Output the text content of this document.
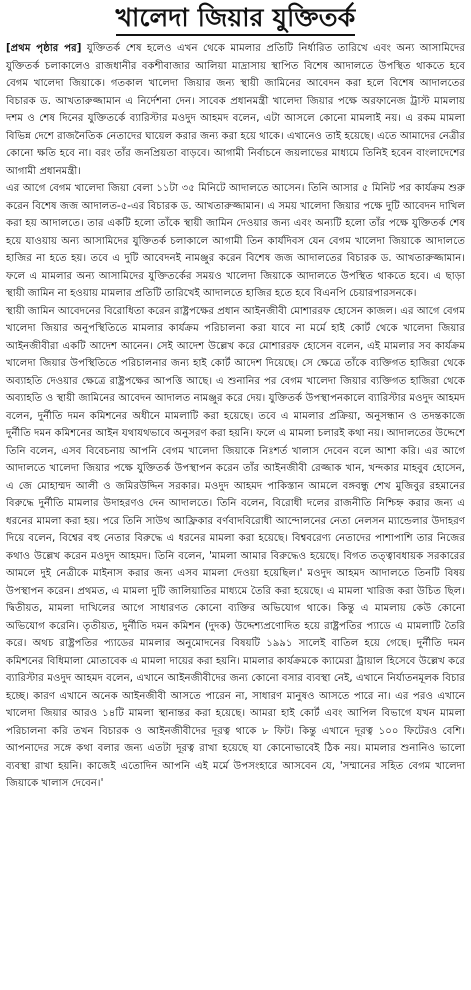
খালেদা জিয়ার যুক্তিতর্ক

[প্রথম পৃষ্ঠার পর] যুক্তিতর্ক শেষ হলেও এখন থেকে মামলার প্রতিটি নির্ধারিত তারিখে এবং অন্য আসামিদের যুক্তিতর্ক চলাকালেও রাজধানীর বকশীবাজার আলিয়া মাদ্রাসায় স্থাপিত বিশেষ আদালতে উপস্থিত থাকতে হবে বেগম খালেদা জিয়াকে। গতকাল খালেদা জিয়ার জন্য স্থায়ী জামিনের আবেদন করা হলে বিশেষ আদালতের বিচারক ড. আখতারুজ্জামান এ নির্দেশনা দেন। সাবেক প্রধানমন্ত্রী খালেদা জিয়ার পক্ষে অরফানেজ ট্রাস্ট মামলায় দশম ও শেষ দিনের যুক্তিতর্কে ব্যারিস্টার মওদুদ আহমদ বলেন, এটা আসলে কোনো মামলাই নয়। এ রকম মামলা বিভিন্ন দেশে রাজনৈতিক নেতাদের ঘায়েল করার জন্য করা হয়ে থাকে। এখানেও তাই হয়েছে। এতে আমাদের নেত্রীর কোনো ক্ষতি হবে না। বরং তাঁর জনপ্রিয়তা বাড়বে। আগামী নির্বাচনে জয়লাভের মাধ্যমে তিনিই হবেন বাংলাদেশের আগামী প্রধানমন্ত্রী।

এর আগে বেগম খালেদা জিয়া বেলা ১১টা ৩৫ মিনিটে আদালতে আসেন। তিনি আসার ৫ মিনিট পর কার্যক্রম শুরু করেন বিশেষ জজ আদালত-৫-এর বিচারক ড. আখতারুজ্জামান। এ সময় খালেদা জিয়ার পক্ষে দুটি আবেদন দাখিল করা হয় আদালতে। তার একটি হলো তাঁকে স্থায়ী জামিন দেওয়ার জন্য এবং অন্যটি হলো তাঁর পক্ষে যুক্তিতর্ক শেষ হয়ে যাওয়ায় অন্য আসামিদের যুক্তিতর্ক চলাকালে আগামী তিন কার্যদিবস যেন বেগম খালেদা জিয়াকে আদালতে হাজির না হতে হয়। তবে এ দুটি আবেদনই নামঞ্জুর করেন বিশেষ জজ আদালতের বিচারক ড. আখতারুজ্জামান। ফলে এ মামলার অন্য আসামিদের যুক্তিতর্কের সময়ও খালেদা জিয়াকে আদালতে উপস্থিত থাকতে হবে। এ ছাড়া স্থায়ী জামিন না হওয়ায় মামলার প্রতিটি তারিখেই আদালতে হাজির হতে হবে বিএনপি চেয়ারপারসনকে।

স্থায়ী জামিন আবেদনের বিরোধিতা করেন রাষ্ট্রপক্ষের প্রধান আইনজীবী মোশাররফ হোসেন কাজল। এর আগে বেগম খালেদা জিয়ার অনুপস্থিতিতে মামলার কার্যক্রম পরিচালনা করা যাবে না মর্মে হাই কোর্ট থেকে খালেদা জিয়ার আইনজীবীরা একটি আদেশ আনেন। সেই আদেশ উল্লেখ করে মোশাররফ হোসেন বলেন, এই মামলার সব কার্যক্রম খালেদা জিয়ার উপস্থিতিতে পরিচালনার জন্য হাই কোর্ট আদেশ দিয়েছে। সে ক্ষেত্রে তাঁকে ব্যক্তিগত হাজিরা থেকে অব্যাহতি দেওয়ার ক্ষেত্রে রাষ্ট্রপক্ষের আপত্তি আছে। এ শুনানির পর বেগম খালেদা জিয়ার ব্যক্তিগত হাজিরা থেকে অব্যাহতি ও স্থায়ী জামিনের আবেদন আদালত নামঞ্জুর করে দেয়। যুক্তিতর্ক উপস্থাপনকালে ব্যারিস্টার মওদুদ আহমদ বলেন, দুর্নীতি দমন কমিশনের অধীনে মামলাটি করা হয়েছে। তবে এ মামলার প্রক্রিয়া, অনুসন্ধান ও তদন্তকাজে দুর্নীতি দমন কমিশনের আইন যথাযথভাবে অনুসরণ করা হয়নি। ফলে এ মামলা চলারই কথা নয়। আদালতের উদ্দেশে তিনি বলেন, এসব বিবেচনায় আপনি বেগম খালেদা জিয়াকে নিঃশর্ত খালাস দেবেন বলে আশা করি। এর আগে আদালতে খালেদা জিয়ার পক্ষে যুক্তিতর্ক উপস্থাপন করেন তাঁর আইনজীবী রেজ্জাক খান, খন্দকার মাহবুব হোসেন, এ জে মোহাম্মদ আলী ও জমিরউদ্দিন সরকার। মওদুদ আহমদ পাকিস্তান আমলে বঙ্গবন্ধু শেখ মুজিবুর রহমানের বিরুদ্ধে দুর্নীতি মামলার উদাহরণও দেন আদালতে। তিনি বলেন, বিরোধী দলের রাজনীতি নিশ্চিহ্ন করার জন্য এ ধরনের মামলা করা হয়। পরে তিনি সাউথ আফ্রিকার বর্ণবাদবিরোধী আন্দোলনের নেতা নেলসন ম্যান্ডেলার উদাহরণ দিয়ে বলেন, বিশ্বের বহু নেতার বিরুদ্ধে এ ধরনের মামলা করা হয়েছে। বিশ্ববরেণ্য নেতাদের পাশাপাশি তার নিজের কথাও উল্লেখ করেন মওদুদ আহমদ। তিনি বলেন, 'মামলা আমার বিরুদ্ধেও হয়েছে। বিগত তত্ত্বাবধায়ক সরকারের আমলে দুই নেত্রীকে মাইনাস করার জন্য এসব মামলা দেওয়া হয়েছিল।' মওদুদ আহমদ আদালতে তিনটি বিষয় উপস্থাপন করেন। প্রথমত, এ মামলা দুটি জালিয়াতির মাধ্যমে তৈরি করা হয়েছে। এ মামলা খারিজ করা উচিত ছিল। দ্বিতীয়ত, মামলা দাখিলের আগে সাধারণত কোনো ব্যক্তির অভিযোগ থাকে। কিন্তু এ মামলায় কেউ কোনো অভিযোগ করেনি। তৃতীয়ত, দুর্নীতি দমন কমিশন (দুদক) উদ্দেশ্যপ্রণোদিত হয়ে রাষ্ট্রপতির প্যাডে এ মামলাটি তৈরি করে। অথচ রাষ্ট্রপতির প্যাডের মামলার অনুমোদনের বিষয়টি ১৯৯১ সালেই বাতিল হয়ে গেছে। দুর্নীতি দমন কমিশনের বিধিমালা মোতাবেক এ মামলা দায়ের করা হয়নি। মামলার কার্যক্রমকে ক্যামেরা ট্রায়াল হিসেবে উল্লেখ করে ব্যারিস্টার মওদুদ আহমদ বলেন, এখানে আইনজীবীদের জন্য কোনো বসার ব্যবস্থা নেই, এখানে নির্যাতনমূলক বিচার হচ্ছে। কারণ এখানে অনেক আইনজীবী আসতে পারেন না, সাধারণ মানুষও আসতে পারে না। এর পরও এখানে খালেদা জিয়ার আরও ১৪টি মামলা স্থানান্তর করা হয়েছে। আমরা হাই কোর্ট এবং আপিল বিভাগে যখন মামলা পরিচালনা করি তখন বিচারক ও আইনজীবীদের দূরত্ব থাকে ৮ ফিট। কিন্তু এখানে দূরত্ব ১০০ ফিটেরও বেশি। আপনাদের সঙ্গে কথা বলার জন্য এতটা দূরত্ব রাখা হয়েছে যা কোনোভাবেই ঠিক নয়। মামলার শুনানিও ভালো ব্যবস্থা রাখা হয়নি। কাজেই এতোদিন আপনি এই মর্মে উপসংহারে আসবেন যে, 'সম্মানের সহিত বেগম খালেদা জিয়াকে খালাস দেবেন।'
